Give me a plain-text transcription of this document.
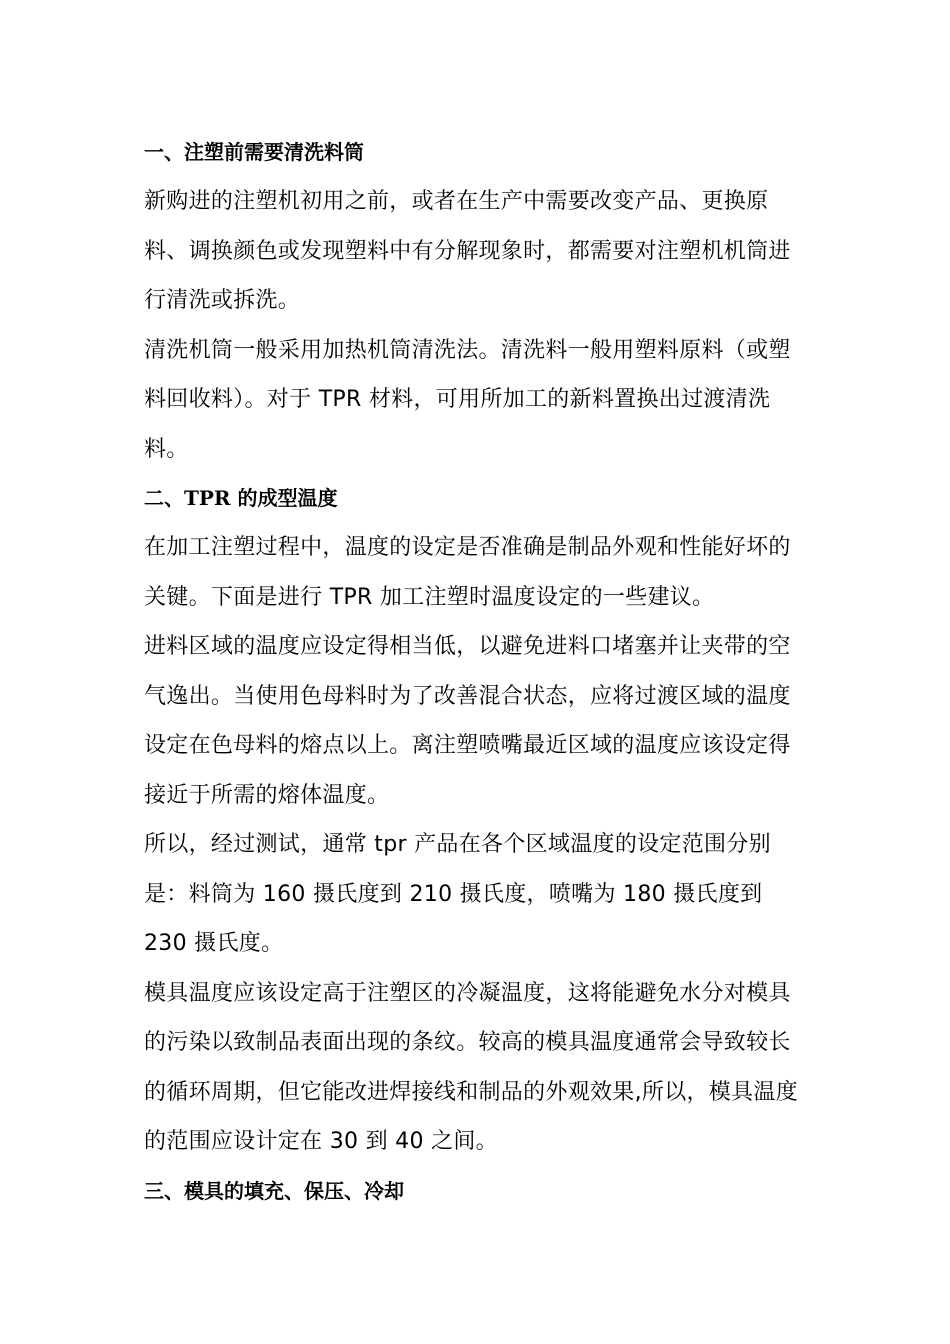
一、注塑前需要清洗料筒

新购进的注塑机初用之前，或者在生产中需要改变产品、更换原料、调换颜色或发现塑料中有分解现象时，都需要对注塑机机筒进行清洗或拆洗。

清洗机筒一般采用加热机筒清洗法。清洗料一般用塑料原料（或塑料回收料）。对于 TPR 材料，可用所加工的新料置换出过渡清洗料。

二、TPR 的成型温度

在加工注塑过程中，温度的设定是否准确是制品外观和性能好坏的关键。下面是进行 TPR 加工注塑时温度设定的一些建议。

进料区域的温度应设定得相当低，以避免进料口堵塞并让夹带的空气逸出。当使用色母料时为了改善混合状态，应将过渡区域的温度设定在色母料的熔点以上。离注塑喷嘴最近区域的温度应该设定得接近于所需的熔体温度。

所以，经过测试，通常 tpr 产品在各个区域温度的设定范围分别是：料筒为 160 摄氏度到 210 摄氏度，喷嘴为 180 摄氏度到 230 摄氏度。

模具温度应该设定高于注塑区的冷凝温度，这将能避免水分对模具的污染以致制品表面出现的条纹。较高的模具温度通常会导致较长的循环周期，但它能改进焊接线和制品的外观效果,所以，模具温度的范围应设计定在 30 到 40 之间。

三、模具的填充、保压、冷却
